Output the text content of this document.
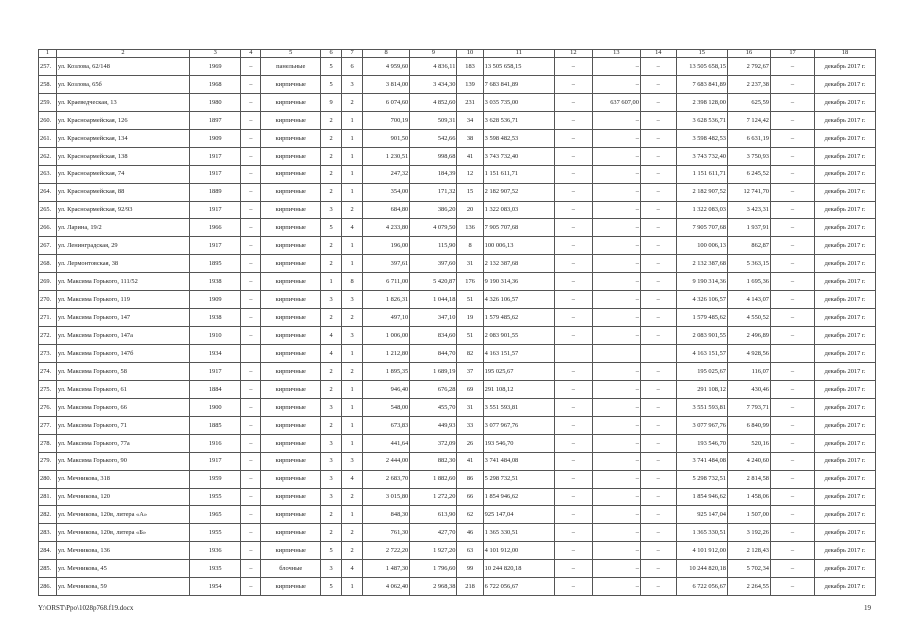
1	2	3	4	5	6	7	8	9	10	11	12	13	14	15	16	17	18
257.	ул. Козлова, 62/148	1969	–	панельные	5	6	4 959,60	4 836,11	183	13 505 658,15	–	–	–	13 505 658,15	2 792,67	–	декабрь 2017 г.
258.	ул. Козлова, 65б	1968	–	кирпичные	5	3	3 814,00	3 434,30	139	7 683 841,89	–	–	–	7 683 841,89	2 237,38	–	декабрь 2017 г.
259.	ул. Краеведческая, 13	1980	–	кирпичные	9	2	6 074,60	4 852,60	231	3 035 735,00	–	637 607,00	–	2 398 128,00	625,59	–	декабрь 2017 г.
260.	ул. Красноармейская, 126	1897	–	кирпичные	2	1	700,19	509,31	34	3 628 536,71	–	–	–	3 628 536,71	7 124,42	–	декабрь 2017 г.
261.	ул. Красноармейская, 134	1909	–	кирпичные	2	1	901,50	542,66	38	3 598 482,53	–	–	–	3 598 482,53	6 631,19	–	декабрь 2017 г.
262.	ул. Красноармейская, 138	1917	–	кирпичные	2	1	1 230,51	998,68	41	3 743 732,40	–	–	–	3 743 732,40	3 750,93	–	декабрь 2017 г.
263.	ул. Красноармейская, 74	1917	–	кирпичные	2	1	247,32	184,39	12	1 151 611,71	–	–	–	1 151 611,71	6 245,52	–	декабрь 2017 г.
264.	ул. Красноармейская, 88	1889	–	кирпичные	2	1	354,00	171,32	15	2 182 907,52	–	–	–	2 182 907,52	12 741,70	–	декабрь 2017 г.
265.	ул. Красноармейская, 92/93	1917	–	кирпичные	3	2	684,80	386,20	20	1 322 083,03	–	–	–	1 322 083,03	3 423,31	–	декабрь 2017 г.
266.	ул. Ларина, 19/2	1966	–	кирпичные	5	4	4 233,80	4 079,50	136	7 905 707,68	–	–	–	7 905 707,68	1 937,91	–	декабрь 2017 г.
267.	ул. Ленинградская, 29	1917	–	кирпичные	2	1	196,00	115,90	8	100 006,13	–	–	–	100 006,13	862,87	–	декабрь 2017 г.
268.	ул. Лермонтовская, 38	1895	–	кирпичные	2	1	397,61	397,60	31	2 132 387,68	–	–	–	2 132 387,68	5 363,15	–	декабрь 2017 г.
269.	ул. Максима Горького, 111/52	1938	–	кирпичные	1	8	6 711,00	5 420,87	176	9 190 314,36	–	–	–	9 190 314,36	1 695,36	–	декабрь 2017 г.
270.	ул. Максима Горького, 119	1909	–	кирпичные	3	3	1 826,31	1 044,18	51	4 326 106,57	–	–	–	4 326 106,57	4 143,07	–	декабрь 2017 г.
271.	ул. Максима Горького, 147	1938	–	кирпичные	2	2	497,10	347,10	19	1 579 485,62	–	–	–	1 579 485,62	4 550,52	–	декабрь 2017 г.
272.	ул. Максима Горького, 147а	1910	–	кирпичные	4	3	1 006,00	834,60	51	2 083 901,55	–	–	–	2 083 901,55	2 496,89	–	декабрь 2017 г.
273.	ул. Максима Горького, 147б	1934		кирпичные	4	1	1 212,80	844,70	82	4 163 151,57				4 163 151,57	4 928,56		декабрь 2017 г.
274.	ул. Максима Горького, 58	1917	–	кирпичные	2	2	1 895,35	1 689,19	37	195 025,67	–	–	–	195 025,67	116,07	–	декабрь 2017 г.
275.	ул. Максима Горького, 61	1884	–	кирпичные	2	1	946,40	676,28	69	291 108,12	–	–	–	291 108,12	430,46	–	декабрь 2017 г.
276.	ул. Максима Горького, 66	1900	–	кирпичные	3	1	548,00	455,70	31	3 551 593,81	–	–	–	3 551 593,81	7 793,71	–	декабрь 2017 г.
277.	ул. Максима Горького, 71	1885	–	кирпичные	2	1	673,83	449,93	33	3 077 967,76	–	–	–	3 077 967,76	6 840,99	–	декабрь 2017 г.
278.	ул. Максима Горького, 77а	1916	–	кирпичные	3	1	441,64	372,09	26	193 546,70	–	–	–	193 546,70	520,16	–	декабрь 2017 г.
279.	ул. Максима Горького, 90	1917	–	кирпичные	3	3	2 444,00	882,30	41	3 741 484,08	–	–	–	3 741 484,08	4 240,60	–	декабрь 2017 г.
280.	ул. Мечникова, 318	1959	–	кирпичные	3	4	2 683,70	1 882,60	86	5 298 732,51	–	–	–	5 298 732,51	2 814,58	–	декабрь 2017 г.
281.	ул. Мечникова, 120	1955	–	кирпичные	3	2	3 015,80	1 272,20	66	1 854 946,62	–	–	–	1 854 946,62	1 458,06	–	декабрь 2017 г.
282.	ул. Мечникова, 120в, литера «А»	1965	–	кирпичные	2	1	848,30	613,90	62	925 147,04	–	–	–	925 147,04	1 507,00	–	декабрь 2017 г.
283.	ул. Мечникова, 120в, литера «Б»	1955	–	кирпичные	2	2	761,30	427,70	46	1 365 330,51	–	–	–	1 365 330,51	3 192,26	–	декабрь 2017 г.
284.	ул. Мечникова, 136	1936	–	кирпичные	5	2	2 722,20	1 927,20	63	4 101 912,00	–	–	–	4 101 912,00	2 128,43	–	декабрь 2017 г.
285.	ул. Мечникова, 45	1935	–	блочные	3	4	1 487,30	1 796,60	99	10 244 820,18	–	–	–	10 244 820,18	5 702,34	–	декабрь 2017 г.
286.	ул. Мечникова, 59	1954	–	кирпичные	5	1	4 062,40	2 968,38	218	6 722 056,67	–	–	–	6 722 056,67	2 264,55	–	декабрь 2017 г.
Y:\ORST\Ppo\1028p768.f19.docx	19
